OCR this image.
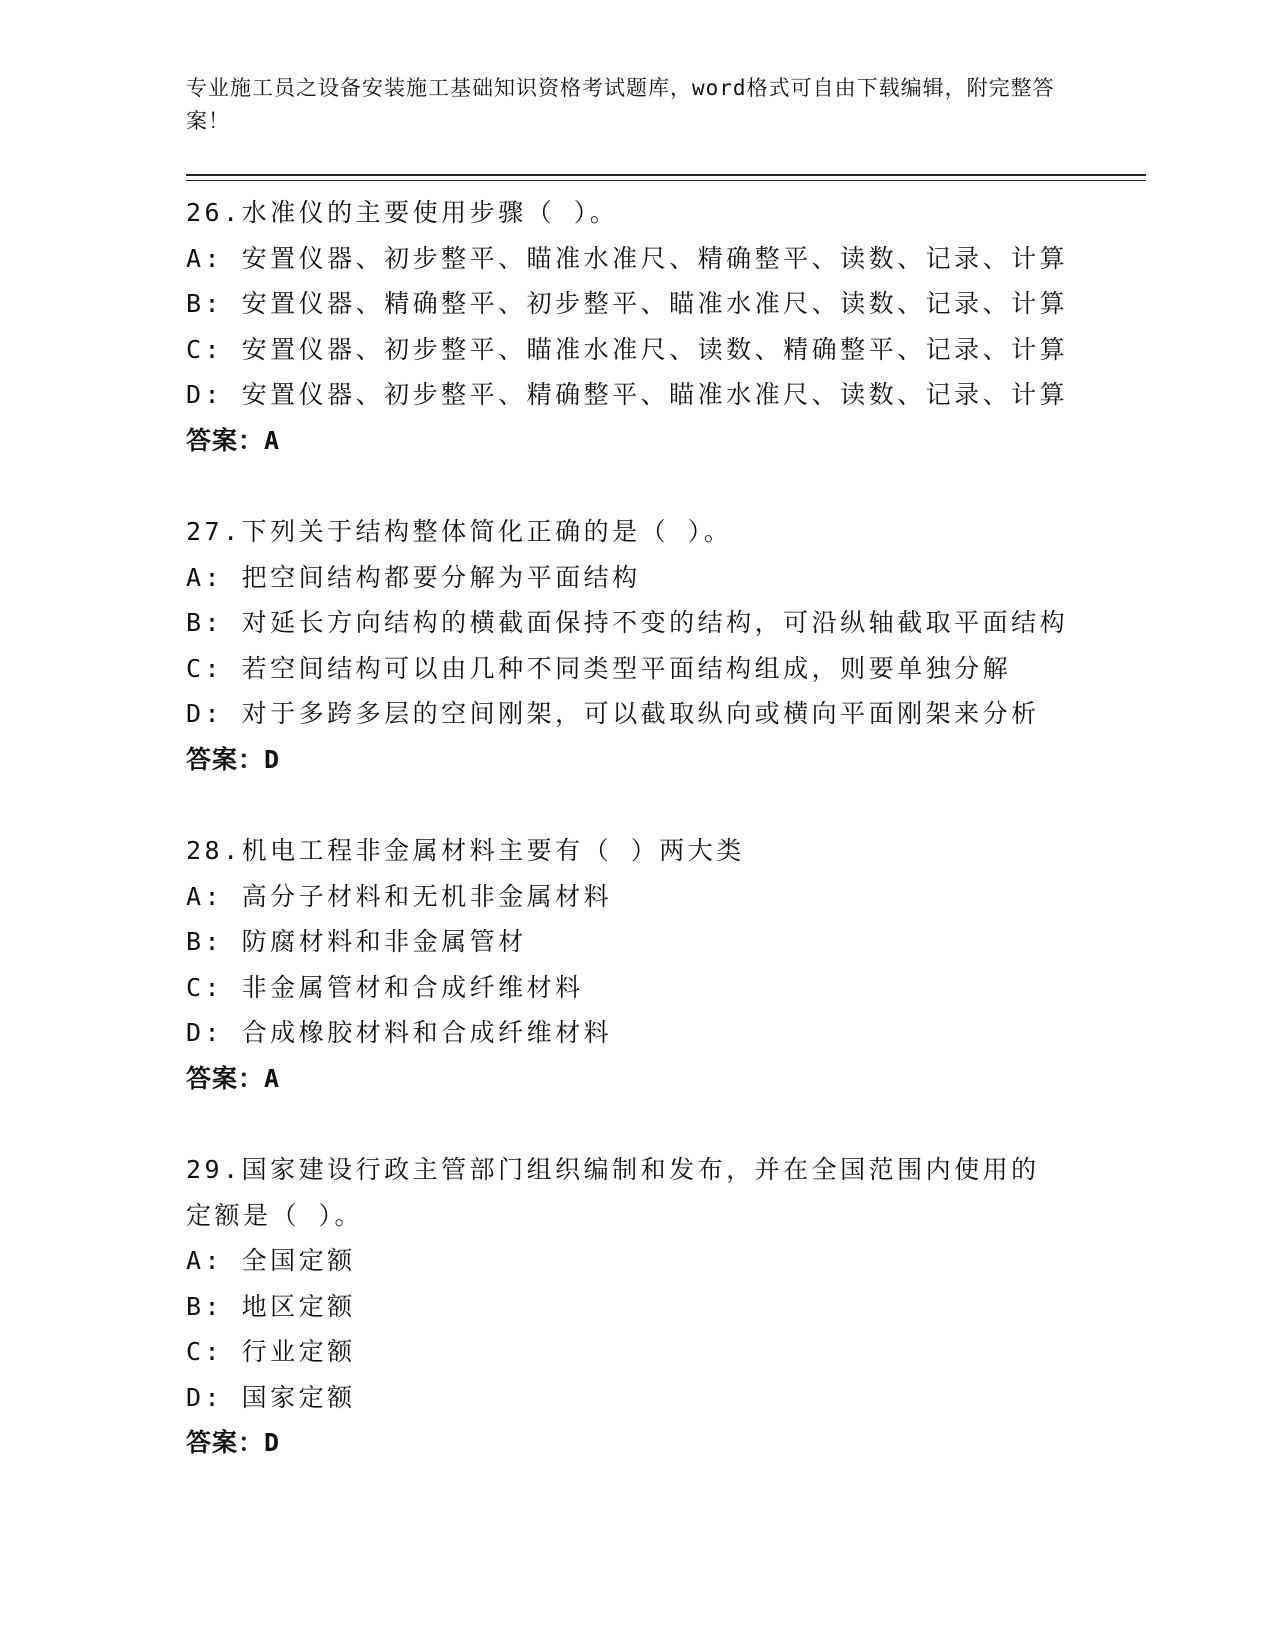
专业施工员之设备安装施工基础知识资格考试题库，word格式可自由下载编辑，附完整答案！
26.水准仪的主要使用步骤（ ）。
A: 安置仪器、初步整平、瞄准水准尺、精确整平、读数、记录、计算
B: 安置仪器、精确整平、初步整平、瞄准水准尺、读数、记录、计算
C: 安置仪器、初步整平、瞄准水准尺、读数、精确整平、记录、计算
D: 安置仪器、初步整平、精确整平、瞄准水准尺、读数、记录、计算
答案：A
27.下列关于结构整体简化正确的是（ ）。
A: 把空间结构都要分解为平面结构
B: 对延长方向结构的横截面保持不变的结构，可沿纵轴截取平面结构
C: 若空间结构可以由几种不同类型平面结构组成，则要单独分解
D: 对于多跨多层的空间刚架，可以截取纵向或横向平面刚架来分析
答案：D
28.机电工程非金属材料主要有（ ）两大类
A: 高分子材料和无机非金属材料
B: 防腐材料和非金属管材
C: 非金属管材和合成纤维材料
D: 合成橡胶材料和合成纤维材料
答案：A
29.国家建设行政主管部门组织编制和发布，并在全国范围内使用的定额是（ ）。
A: 全国定额
B: 地区定额
C: 行业定额
D: 国家定额
答案：D
